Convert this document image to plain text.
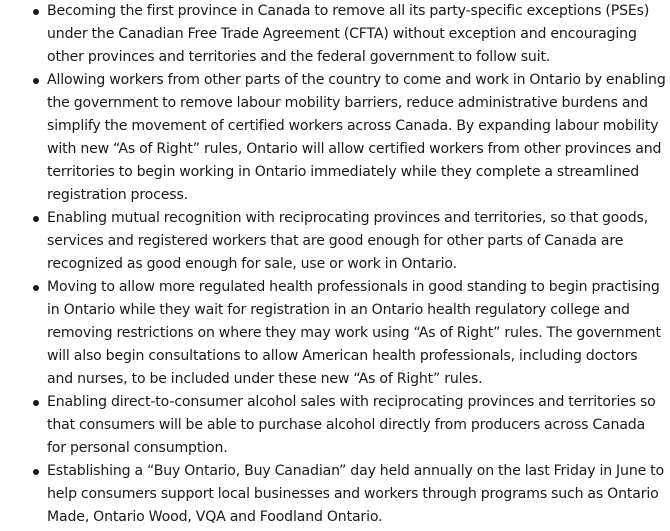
Becoming the first province in Canada to remove all its party-specific exceptions (PSEs) under the Canadian Free Trade Agreement (CFTA) without exception and encouraging other provinces and territories and the federal government to follow suit.
Allowing workers from other parts of the country to come and work in Ontario by enabling the government to remove labour mobility barriers, reduce administrative burdens and simplify the movement of certified workers across Canada. By expanding labour mobility with new “As of Right” rules, Ontario will allow certified workers from other provinces and territories to begin working in Ontario immediately while they complete a streamlined registration process.
Enabling mutual recognition with reciprocating provinces and territories, so that goods, services and registered workers that are good enough for other parts of Canada are recognized as good enough for sale, use or work in Ontario.
Moving to allow more regulated health professionals in good standing to begin practising in Ontario while they wait for registration in an Ontario health regulatory college and removing restrictions on where they may work using “As of Right” rules. The government will also begin consultations to allow American health professionals, including doctors and nurses, to be included under these new “As of Right” rules.
Enabling direct-to-consumer alcohol sales with reciprocating provinces and territories so that consumers will be able to purchase alcohol directly from producers across Canada for personal consumption.
Establishing a “Buy Ontario, Buy Canadian” day held annually on the last Friday in June to help consumers support local businesses and workers through programs such as Ontario Made, Ontario Wood, VQA and Foodland Ontario.
